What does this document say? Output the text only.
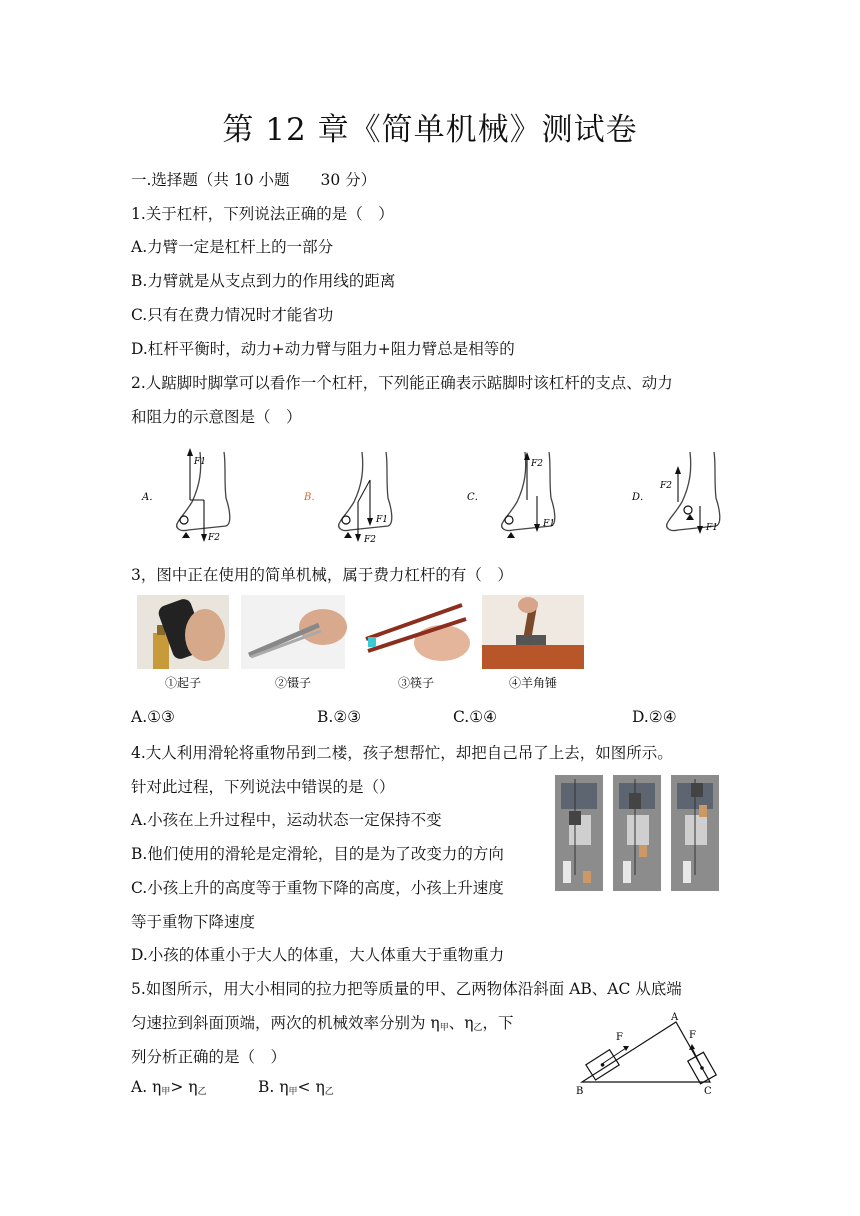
第 12 章《简单机械》测试卷
一.选择题（共 10 小题　　30 分）
1.关于杠杆，下列说法正确的是（　）
A.力臂一定是杠杆上的一部分
B.力臂就是从支点到力的作用线的距离
C.只有在费力情况时才能省功
D.杠杆平衡时，动力+动力臂与阻力+阻力臂总是相等的
2.人踮脚时脚掌可以看作一个杠杆，下列能正确表示踮脚时该杠杆的支点、动力
和阻力的示意图是（　）
A．
F1
F2
B．
F1
F2
C．
F2
F1
D．
F2
F1
3，图中正在使用的简单机械，属于费力杠杆的有（　）
①起子	②镊子	③筷子	④羊角锤
A.①③	B.②③	C.①④	D.②④
4.大人利用滑轮将重物吊到二楼，孩子想帮忙，却把自己吊了上去，如图所示。
针对此过程，下列说法中错误的是（）
A.小孩在上升过程中，运动状态一定保持不变
B.他们使用的滑轮是定滑轮，目的是为了改变力的方向
C.小孩上升的高度等于重物下降的高度，小孩上升速度
等于重物下降速度
D.小孩的体重小于大人的体重，大人体重大于重物重力
5.如图所示，用大小相同的拉力把等质量的甲、乙两物体沿斜面 AB、AC 从底端
匀速拉到斜面顶端，两次的机械效率分别为 η甲、η乙，下
列分析正确的是（　）
A. η甲> η乙	B. η甲< η乙
F	F
A
B	C
